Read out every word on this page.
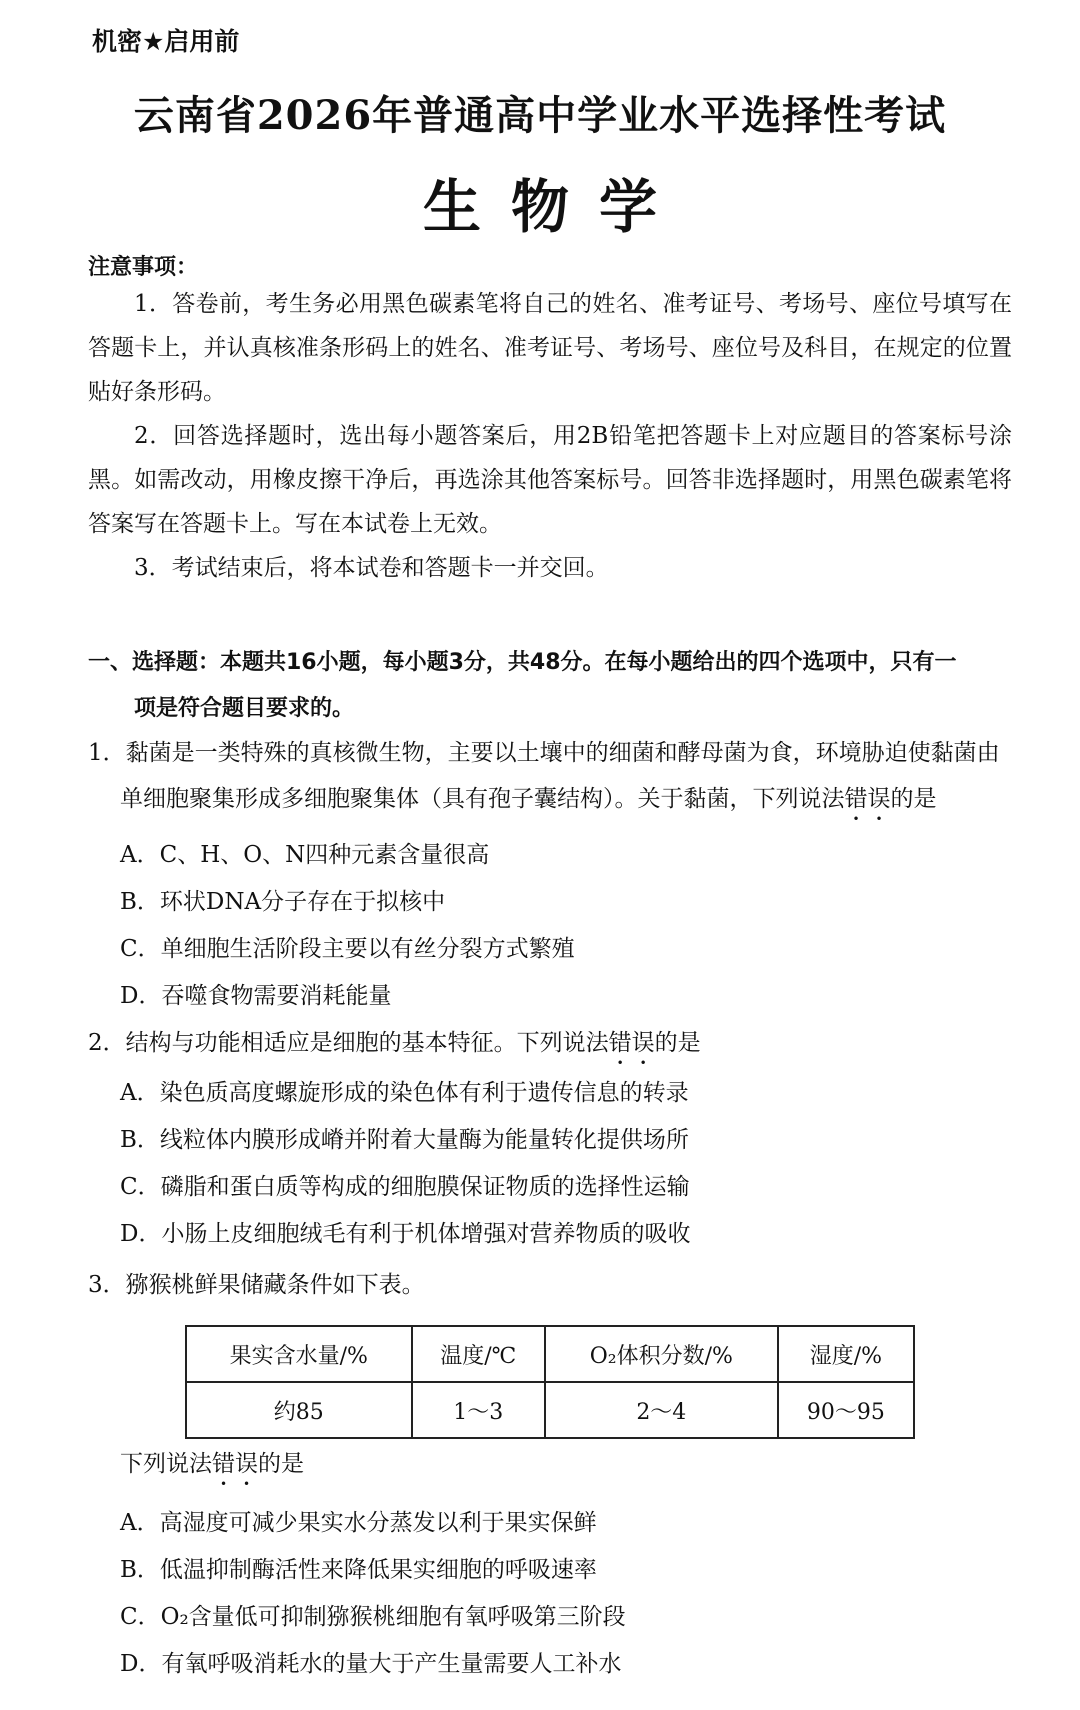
机密★启用前
云南省2026年普通高中学业水平选择性考试
生物学
注意事项：

1．答卷前，考生务必用黑色碳素笔将自己的姓名、准考证号、考场号、座位号填写在答题卡上，并认真核准条形码上的姓名、准考证号、考场号、座位号及科目，在规定的位置贴好条形码。

2．回答选择题时，选出每小题答案后，用2B铅笔把答题卡上对应题目的答案标号涂黑。如需改动，用橡皮擦干净后，再选涂其他答案标号。回答非选择题时，用黑色碳素笔将答案写在答题卡上。写在本试卷上无效。

3．考试结束后，将本试卷和答题卡一并交回。

一、选择题：本题共16小题，每小题3分，共48分。在每小题给出的四个选项中，只有一
项是符合题目要求的。
1．黏菌是一类特殊的真核微生物，主要以土壤中的细菌和酵母菌为食，环境胁迫使黏菌由单细胞聚集形成多细胞聚集体（具有孢子囊结构）。关于黏菌，下列说法错误的是
A．C、H、O、N四种元素含量很高
B．环状DNA分子存在于拟核中
C．单细胞生活阶段主要以有丝分裂方式繁殖
D．吞噬食物需要消耗能量
2．结构与功能相适应是细胞的基本特征。下列说法错误的是
A．染色质高度螺旋形成的染色体有利于遗传信息的转录
B．线粒体内膜形成嵴并附着大量酶为能量转化提供场所
C．磷脂和蛋白质等构成的细胞膜保证物质的选择性运输
D．小肠上皮细胞绒毛有利于机体增强对营养物质的吸收
3．猕猴桃鲜果储藏条件如下表。
果实含水量/%	温度/℃	O₂体积分数/%	湿度/%
约85	1～3	2～4	90～95
下列说法错误的是
A．高湿度可减少果实水分蒸发以利于果实保鲜
B．低温抑制酶活性来降低果实细胞的呼吸速率
C．O₂含量低可抑制猕猴桃细胞有氧呼吸第三阶段
D．有氧呼吸消耗水的量大于产生量需要人工补水
